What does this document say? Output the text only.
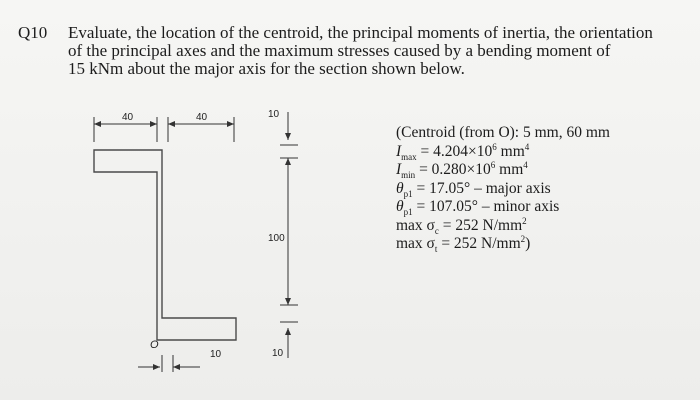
Q10 Evaluate, the location of the centroid, the principal moments of inertia, the orientation
of the principal axes and the maximum stresses caused by a bending moment of
15 kNm about the major axis for the section shown below.
40	40	10
100
10
O
10
(Centroid (from O): 5 mm, 60 mm
$I_{max} = 4.204\times 10^6$ $mm^4$
$I_{min} = 0.280\times 10^6$ $mm^4$
$\theta_{p1} = 17.05^\circ$ – major axis
$\theta_{p1} = 107.05^\circ$ – minor axis
$\max \sigma_c = 252$ $N/mm^2$
$\max \sigma_t = 252$ $N/mm^2$)
